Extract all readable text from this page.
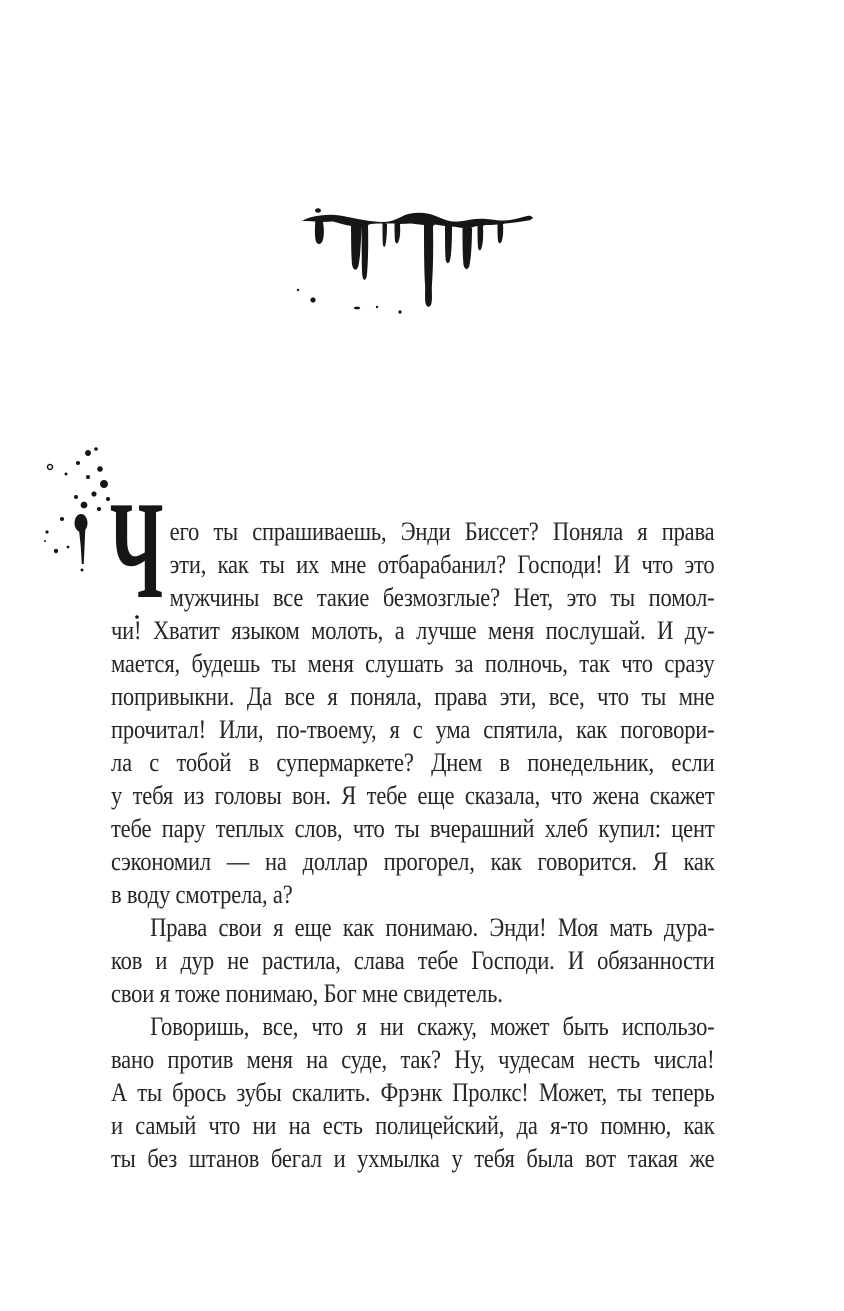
Ч его ты спрашиваешь, Энди Биссет? Поняла я права
эти, как ты их мне отбарабанил? Господи! И что это
мужчины все такие безмозглые? Нет, это ты помол-
чи! Хватит языком молоть, а лучше меня послушай. И ду-
мается, будешь ты меня слушать за полночь, так что сразу
попривыкни. Да все я поняла, права эти, все, что ты мне
прочитал! Или, по-твоему, я с ума спятила, как поговори-
ла с тобой в супермаркете? Днем в понедельник, если
у тебя из головы вон. Я тебе еще сказала, что жена скажет
тебе пару теплых слов, что ты вчерашний хлеб купил: цент
сэкономил — на доллар прогорел, как говорится. Я как
в воду смотрела, а?
Права свои я еще как понимаю. Энди! Моя мать дура-
ков и дур не растила, слава тебе Господи. И обязанности
свои я тоже понимаю, Бог мне свидетель.
Говоришь, все, что я ни скажу, может быть использо-
вано против меня на суде, так? Ну, чудесам несть числа!
А ты брось зубы скалить. Фрэнк Пролкс! Может, ты теперь
и самый что ни на есть полицейский, да я-то помню, как
ты без штанов бегал и ухмылка у тебя была вот такая же
